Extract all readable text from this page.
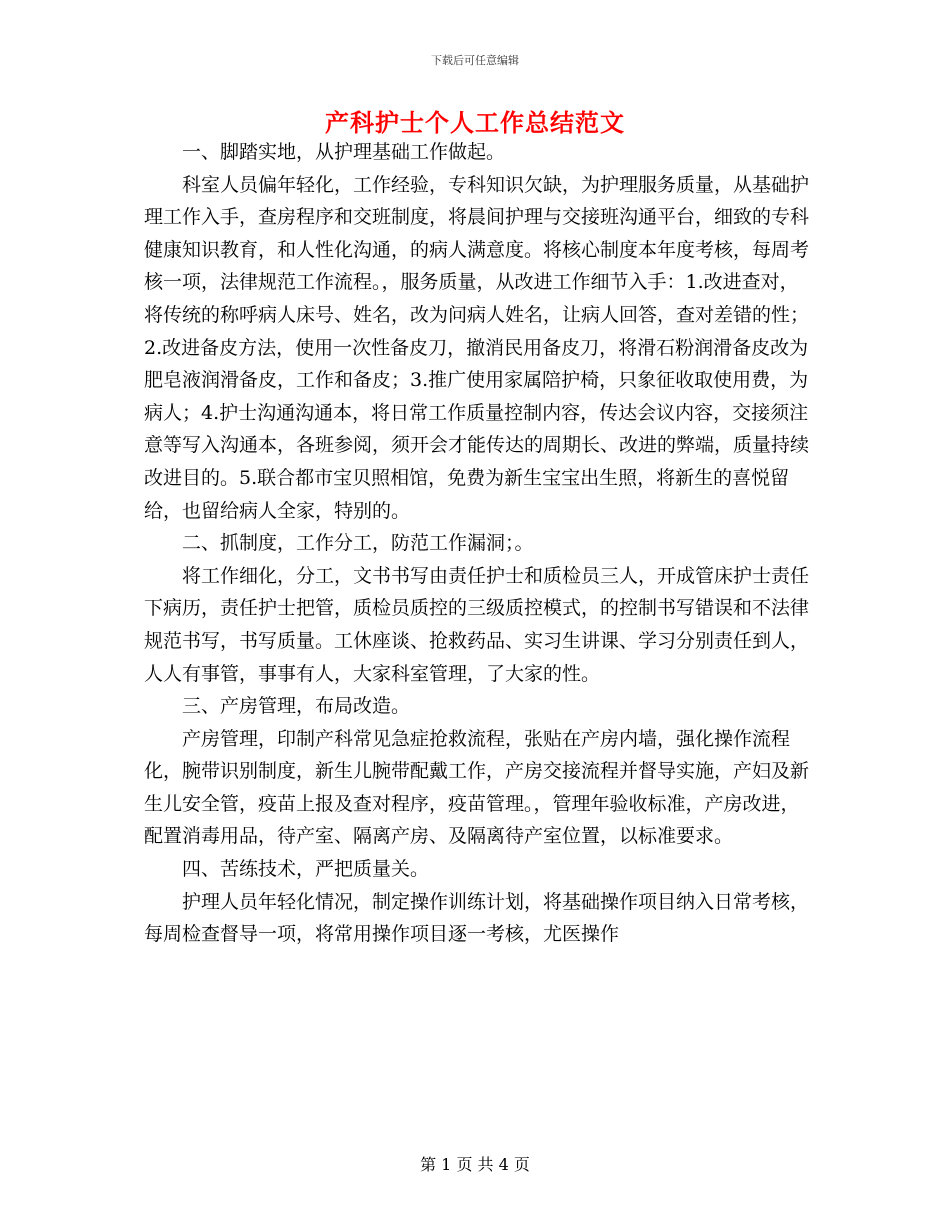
下载后可任意编辑
产科护士个人工作总结范文

一、脚踏实地，从护理基础工作做起。

科室人员偏年轻化，工作经验，专科知识欠缺，为护理服务质量，从基础护理工作入手，查房程序和交班制度，将晨间护理与交接班沟通平台，细致的专科健康知识教育，和人性化沟通，的病人满意度。将核心制度本年度考核，每周考核一项，法律规范工作流程。，服务质量，从改进工作细节入手：1.改进查对，将传统的称呼病人床号、姓名，改为问病人姓名，让病人回答，查对差错的性；2.改进备皮方法，使用一次性备皮刀，撤消民用备皮刀，将滑石粉润滑备皮改为肥皂液润滑备皮，工作和备皮；3.推广使用家属陪护椅，只象征收取使用费，为病人；4.护士沟通沟通本，将日常工作质量控制内容，传达会议内容，交接须注意等写入沟通本，各班参阅，须开会才能传达的周期长、改进的弊端，质量持续改进目的。5.联合都市宝贝照相馆，免费为新生宝宝出生照，将新生的喜悦留给，也留给病人全家，特别的。

二、抓制度，工作分工，防范工作漏洞；。

将工作细化，分工，文书书写由责任护士和质检员三人，开成管床护士责任下病历，责任护士把管，质检员质控的三级质控模式，的控制书写错误和不法律规范书写，书写质量。工休座谈、抢救药品、实习生讲课、学习分别责任到人，人人有事管，事事有人，大家科室管理，了大家的性。

三、产房管理，布局改造。

产房管理，印制产科常见急症抢救流程，张贴在产房内墙，强化操作流程化，腕带识别制度，新生儿腕带配戴工作，产房交接流程并督导实施，产妇及新生儿安全管，疫苗上报及查对程序，疫苗管理。，管理年验收标准，产房改进，配置消毒用品，待产室、隔离产房、及隔离待产室位置，以标准要求。

四、苦练技术，严把质量关。

护理人员年轻化情况，制定操作训练计划，将基础操作项目纳入日常考核，每周检查督导一项，将常用操作项目逐一考核，尤医操作

第 1 页 共 4 页
